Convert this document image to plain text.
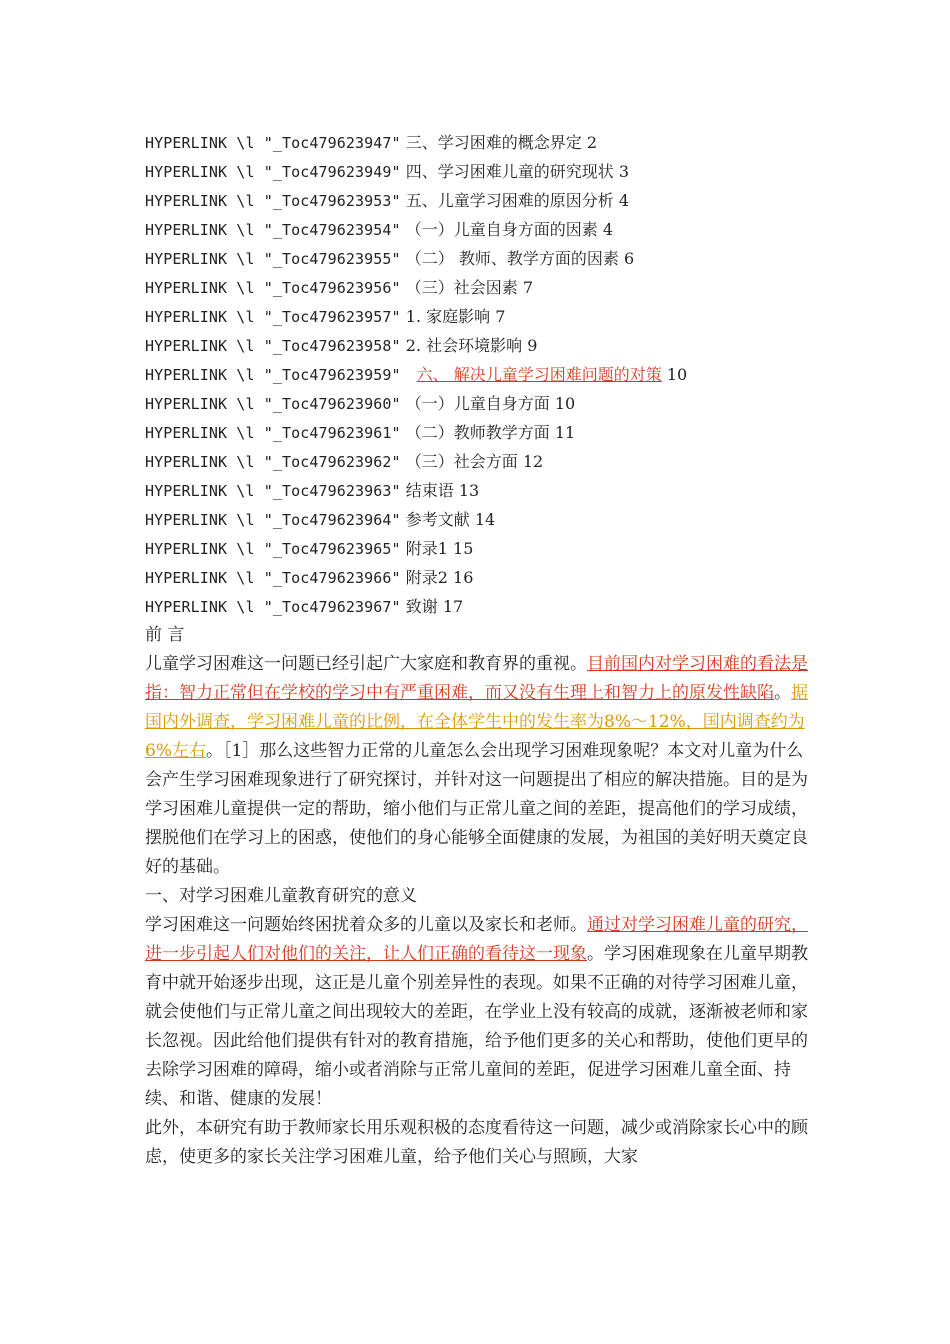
HYPERLINK \l "_Toc479623947" 三、学习困难的概念界定 2
HYPERLINK \l "_Toc479623949" 四、学习困难儿童的研究现状 3
HYPERLINK \l "_Toc479623953" 五、儿童学习困难的原因分析 4
HYPERLINK \l "_Toc479623954" （一）儿童自身方面的因素 4
HYPERLINK \l "_Toc479623955" （二） 教师、教学方面的因素 6
HYPERLINK \l "_Toc479623956" （三）社会因素 7
HYPERLINK \l "_Toc479623957" 1. 家庭影响 7
HYPERLINK \l "_Toc479623958" 2. 社会环境影响 9
HYPERLINK \l "_Toc479623959" 六、 解决儿童学习困难问题的对策 10
HYPERLINK \l "_Toc479623960" （一）儿童自身方面 10
HYPERLINK \l "_Toc479623961" （二）教师教学方面 11
HYPERLINK \l "_Toc479623962" （三）社会方面 12
HYPERLINK \l "_Toc479623963" 结束语 13
HYPERLINK \l "_Toc479623964" 参考文献 14
HYPERLINK \l "_Toc479623965" 附录1 15
HYPERLINK \l "_Toc479623966" 附录2 16
HYPERLINK \l "_Toc479623967" 致谢 17
前 言

儿童学习困难这一问题已经引起广大家庭和教育界的重视。目前国内对学习困难的看法是指：智力正常但在学校的学习中有严重困难，而又没有生理上和智力上的原发性缺陷。据国内外调查，学习困难儿童的比例，在全体学生中的发生率为8%～12%，国内调查约为6%左右。［1］那么这些智力正常的儿童怎么会出现学习困难现象呢？本文对儿童为什么会产生学习困难现象进行了研究探讨，并针对这一问题提出了相应的解决措施。目的是为学习困难儿童提供一定的帮助，缩小他们与正常儿童之间的差距，提高他们的学习成绩，摆脱他们在学习上的困惑，使他们的身心能够全面健康的发展，为祖国的美好明天奠定良好的基础。

一、对学习困难儿童教育研究的意义

学习困难这一问题始终困扰着众多的儿童以及家长和老师。通过对学习困难儿童的研究，进一步引起人们对他们的关注，让人们正确的看待这一现象。学习困难现象在儿童早期教育中就开始逐步出现，这正是儿童个别差异性的表现。如果不正确的对待学习困难儿童，就会使他们与正常儿童之间出现较大的差距，在学业上没有较高的成就，逐渐被老师和家长忽视。因此给他们提供有针对的教育措施，给予他们更多的关心和帮助，使他们更早的去除学习困难的障碍，缩小或者消除与正常儿童间的差距，促进学习困难儿童全面、持续、和谐、健康的发展！

此外，本研究有助于教师家长用乐观积极的态度看待这一问题，减少或消除家长心中的顾虑，使更多的家长关注学习困难儿童，给予他们关心与照顾，大家
